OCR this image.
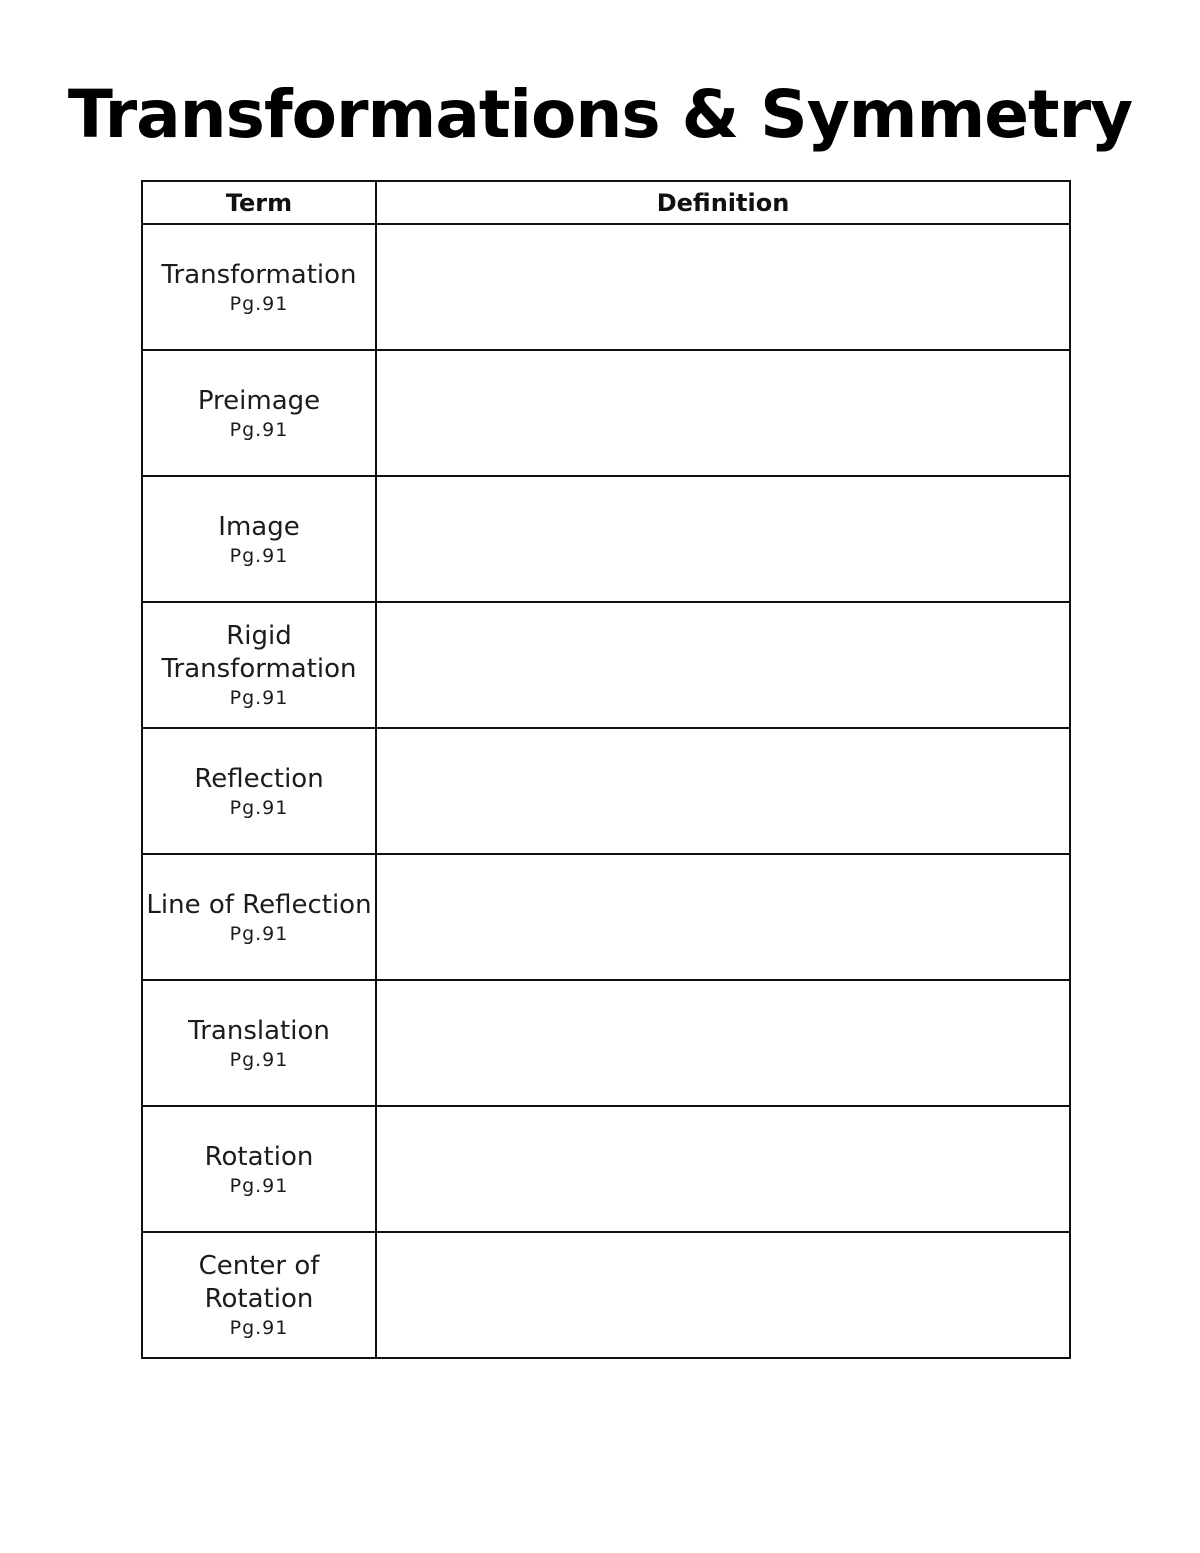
Transformations & Symmetry
Term	Definition

Transformation
Pg.91	

Preimage
Pg.91	

Image
Pg.91	

Rigid Transformation
Pg.91	

Reflection
Pg.91	

Line of Reflection
Pg.91	

Translation
Pg.91	

Rotation
Pg.91	

Center of Rotation
Pg.91	
